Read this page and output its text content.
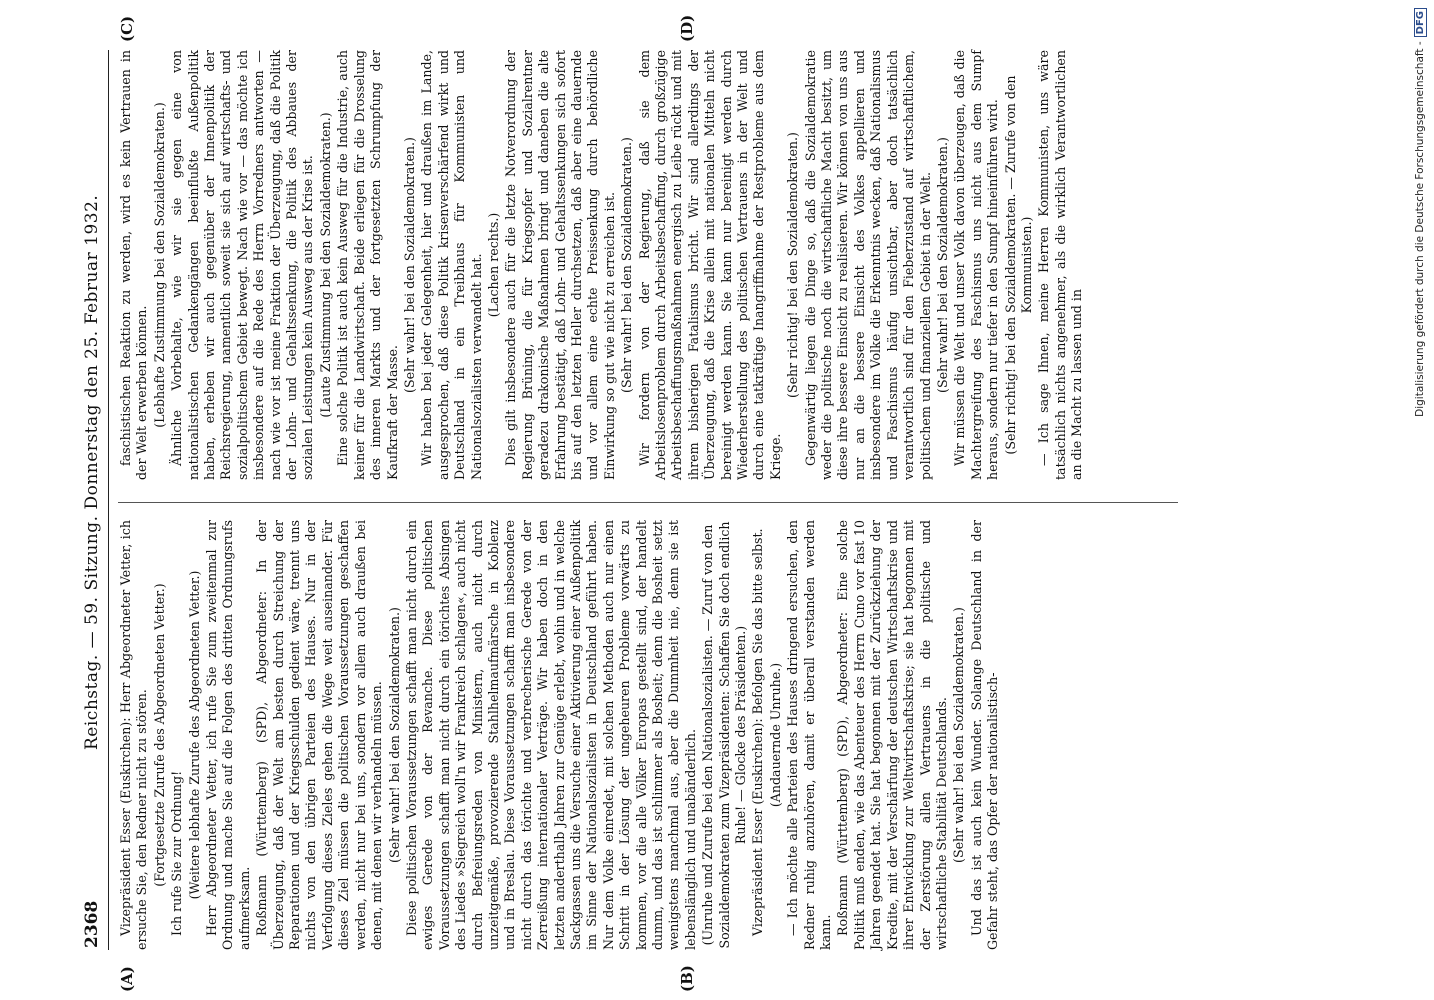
2368
Reichstag. — 59. Sitzung. Donnerstag den 25. Februar 1932. Vizepräsident Esser (Euskirchen): Herr Abgeordneter Vetter, ich ersuche Sie, den Redner nicht zu stören. (Fortgesetzte Zurufe des Abgeordneten Vetter.) Ich rufe Sie zur Ordnung! (Weitere lebhafte Zurufe des Abgeordneten Vetter.) Herr Abgeordneter Vetter, ich rufe Sie zum zweitenmal zur Ordnung und mache Sie auf die Folgen des dritten Ordnungsrufs aufmerksam. Roßmann (Württemberg) (SPD), Abgeordneter: In der Überzeugung, daß der Welt am besten durch Streichung der Reparationen und der Kriegsschulden gedient wäre, trennt uns nichts von den übrigen Parteien des Hauses. Nur in der Verfolgung dieses Zieles gehen die Wege weit auseinander. Für dieses Ziel müssen die politischen Voraussetzungen geschaffen werden, nicht nur bei uns, sondern vor allem auch draußen bei denen, mit denen wir verhandeln müssen. (Sehr wahr! bei den Sozialdemokraten.) Diese politischen Voraussetzungen schafft man nicht durch ein ewiges Gerede von der Revanche. Diese politischen Voraussetzungen schafft man nicht durch ein törichtes Absingen des Liedes »Siegreich woll'n wir Frankreich schlagen«, auch nicht durch Befreiungsreden von Ministern, auch nicht durch unzeitgemäße, provozierende Stahlhelmaufmärsche in Koblenz und in Breslau. Diese Voraussetzungen schafft man insbesondere nicht durch das törichte und verbrecherische Gerede von der Zerreißung internationaler Verträge. Wir haben doch in den letzten anderthalb Jahren zur Genüge erlebt, wohin und in welche Sackgassen uns die Versuche einer Aktivierung einer Außenpolitik im Sinne der Nationalsozialisten in Deutschland geführt haben. Nur dem Volke einredet, mit solchen Methoden auch nur einen Schritt in der Lösung der ungeheuren Probleme vorwärts zu kommen, vor die alle Völker Europas gestellt sind, der handelt dumm, und das ist schlimmer als Bosheit; denn die Bosheit setzt wenigstens manchmal aus, aber die Dummheit nie, denn sie ist lebenslänglich und unabänderlich. (Unruhe und Zurufe bei den Nationalsozialisten. — Zuruf von den Sozialdemokraten zum Vizepräsidenten: Schaffen Sie doch endlich Ruhe! — Glocke des Präsidenten.) Vizepräsident Esser (Euskirchen): Befolgen Sie das bitte selbst. (Andauernde Unruhe.) — Ich möchte alle Parteien des Hauses dringend ersuchen, den Redner ruhig anzuhören, damit er überall verstanden werden kann. Roßmann (Württemberg) (SPD), Abgeordneter: Eine solche Politik muß enden, wie das Abenteuer des Herrn Cuno vor fast 10 Jahren geendet hat. Sie hat begonnen mit der Zurückziehung der Kredite, mit der Verschärfung der deutschen Wirtschaftskrise und ihrer Entwicklung zur Weltwirtschaftskrise; sie hat begonnen mit der Zerstörung allen Vertrauens in die politische und wirtschaftliche Stabilität Deutschlands. (Sehr wahr! bei den Sozialdemokraten.) Und das ist auch kein Wunder. Solange Deutschland in der Gefahr steht, das Opfer der nationalistisch-

faschistischen Reaktion zu werden, wird es kein Vertrauen in der Welt erwerben können. (Lebhafte Zustimmung bei den Sozialdemokraten.) Ähnliche Vorbehalte, wie wir sie gegen eine von nationalistischen Gedankengängen beeinflußte Außenpolitik haben, erheben wir auch gegenüber der Innenpolitik der Reichsregierung, namentlich soweit sie sich auf wirtschafts- und sozialpolitischem Gebiet bewegt. Nach wie vor — das möchte ich insbesondere auf die Rede des Herrn Vorredners antworten — nach wie vor ist meine Fraktion der Überzeugung, daß die Politik der Lohn- und Gehaltssenkung, die Politik des Abbaues der sozialen Leistungen kein Ausweg aus der Krise ist. (Laute Zustimmung bei den Sozialdemokraten.) Eine solche Politik ist auch kein Ausweg für die Industrie, auch keiner für die Landwirtschaft. Beide erliegen für die Drosselung des inneren Markts und der fortgesetzten Schrumpfung der Kaufkraft der Masse.

(Sehr wahr! bei den Sozialdemokraten.) Wir haben bei jeder Gelegenheit, hier und draußen im Lande, ausgesprochen, daß diese Politik krisenverschärfend wirkt und Deutschland in ein Treibhaus für Kommunisten und Nationalsozialisten verwandelt hat. (Lachen rechts.) Dies gilt insbesondere auch für die letzte Notverordnung der Regierung Brüning, die für Kriegsopfer und Sozialrentner geradezu drakonische Maßnahmen bringt und daneben die alte Erfahrung bestätigt, daß Lohn- und Gehaltssenkungen sich sofort bis auf den letzten Heller durchsetzen, daß aber eine dauernde und vor allem eine echte Preissenkung durch behördliche Einwirkung so gut wie nicht zu erreichen ist. (Sehr wahr! bei den Sozialdemokraten.) Wir fordern von der Regierung, daß sie dem Arbeitslosenproblem durch Arbeitsbeschaffung, durch großzügige Arbeitsbeschaffungsmaßnahmen energisch zu Leibe rückt und mit ihrem bisherigen Fatalismus bricht. Wir sind allerdings der Überzeugung, daß die Krise allein mit nationalen Mitteln nicht bereinigt werden kann. Sie kann nur bereinigt werden durch Wiederherstellung des politischen Vertrauens in der Welt und durch eine tatkräftige Inangriffnahme der Restprobleme aus dem Kriege.

(Sehr richtig! bei den Sozialdemokraten.) Gegenwärtig liegen die Dinge so, daß die Sozialdemokratie weder die politische noch die wirtschaftliche Macht besitzt, um diese ihre bessere Einsicht zu realisieren. Wir können von uns aus nur an die bessere Einsicht des Volkes appellieren und insbesondere im Volke die Erkenntnis wecken, daß Nationalismus und Faschismus häufig unsichtbar, aber doch tatsächlich verantwortlich sind für den Fieberzustand auf wirtschaftlichem, politischem und finanziellem Gebiet in der Welt. (Sehr wahr! bei den Sozialdemokraten.) Wir müssen die Welt und unser Volk davon überzeugen, daß die Machtergreifung des Faschismus uns nicht aus dem Sumpf heraus, sondern nur tiefer in den Sumpf hineinführen wird. (Sehr richtig! bei den Sozialdemokraten. — Zurufe von den Kommunisten.) — Ich sage Ihnen, meine Herren Kommunisten, uns wäre tatsächlich nichts angenehmer, als die wirklich Verantwortlichen an die Macht zu lassen und in

(A)	(B)
(C)	(D)
Digitalisierung gefördert durch die Deutsche Forschungsgemeinschaft -DFG
